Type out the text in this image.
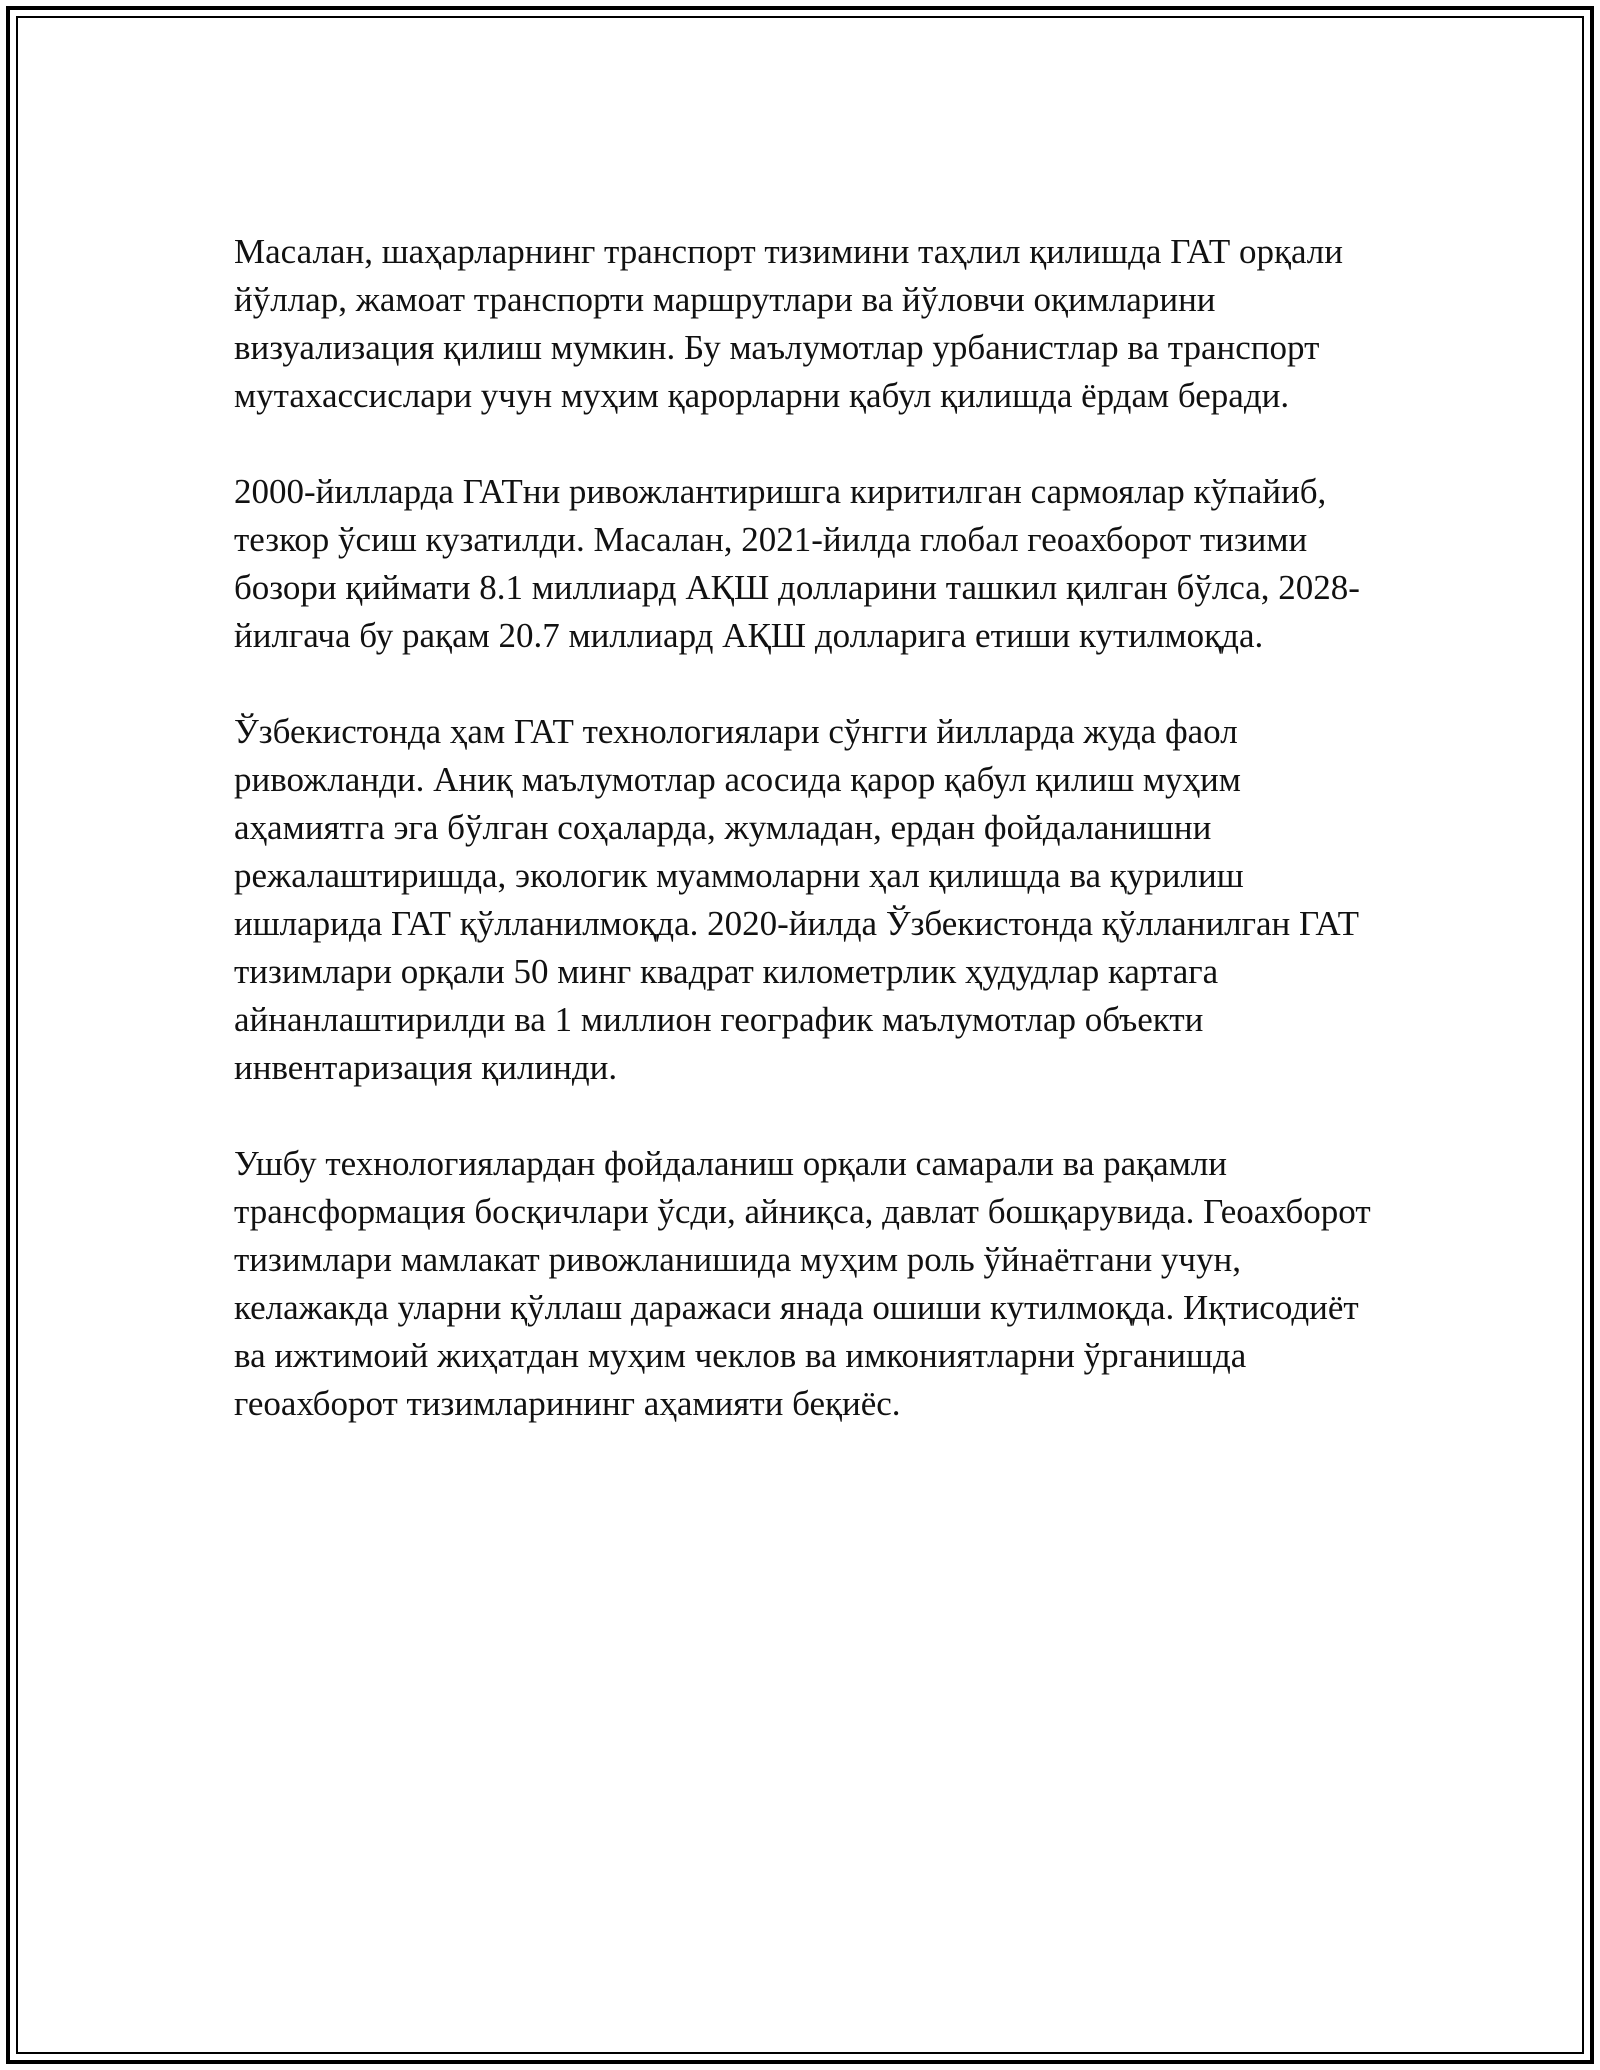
Масалан, шаҳарларнинг транспорт тизимини таҳлил қилишда ГАТ орқали йўллар, жамоат транспорти маршрутлари ва йўловчи оқимларини визуализация қилиш мумкин. Бу маълумотлар урбанистлар ва транспорт мутахассислари учун муҳим қарорларни қабул қилишда ёрдам беради.

2000-йилларда ГАТни ривожлантиришга киритилган сармоялар кўпайиб, тезкор ўсиш кузатилди. Масалан, 2021-йилда глобал геоахборот тизими бозори қиймати 8.1 миллиард АҚШ долларини ташкил қилган бўлса, 2028-йилгача бу рақам 20.7 миллиард АҚШ долларига етиши кутилмоқда.

Ўзбекистонда ҳам ГАТ технологиялари сўнгги йилларда жуда фаол ривожланди. Аниқ маълумотлар асосида қарор қабул қилиш муҳим аҳамиятга эга бўлган соҳаларда, жумладан, ердан фойдаланишни режалаштиришда, экологик муаммоларни ҳал қилишда ва қурилиш ишларида ГАТ қўлланилмоқда. 2020-йилда Ўзбекистонда қўлланилган ГАТ тизимлари орқали 50 минг квадрат километрлик ҳудудлар картага айнанлаштирилди ва 1 миллион географик маълумотлар объекти инвентаризация қилинди.

Ушбу технологиялардан фойдаланиш орқали самарали ва рақамли трансформация босқичлари ўсди, айниқса, давлат бошқарувида. Геоахборот тизимлари мамлакат ривожланишида муҳим роль ўйнаётгани учун, келажакда уларни қўллаш даражаси янада ошиши кутилмоқда. Иқтисодиёт ва ижтимоий жиҳатдан муҳим чеклов ва имкониятларни ўрганишда геоахборот тизимларининг аҳамияти беқиёс.
